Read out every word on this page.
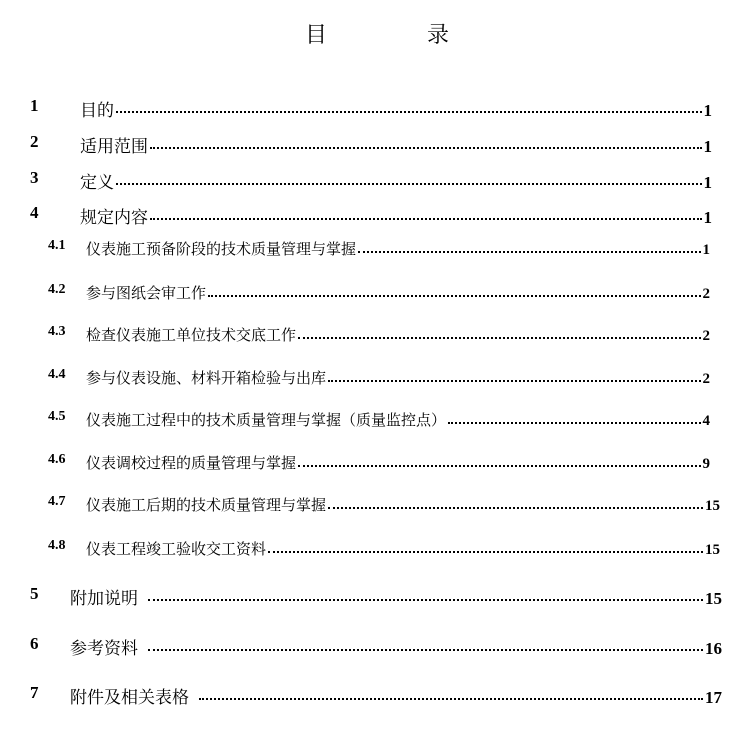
目	录
1 目的	1
2 适用范围	1
3 定义	1
4 规定内容	1
4.1 仪表施工预备阶段的技术质量管理与掌握	1
4.2 参与图纸会审工作	2
4.3 检查仪表施工单位技术交底工作	2
4.4 参与仪表设施、材料开箱检验与出库	2
4.5 仪表施工过程中的技术质量管理与掌握（质量监控点）	4
4.6 仪表调校过程的质量管理与掌握	9
4.7 仪表施工后期的技术质量管理与掌握	15
4.8 仪表工程竣工验收交工资料	15
5 附加说明	15
6 参考资料	16
7 附件及相关表格	17
